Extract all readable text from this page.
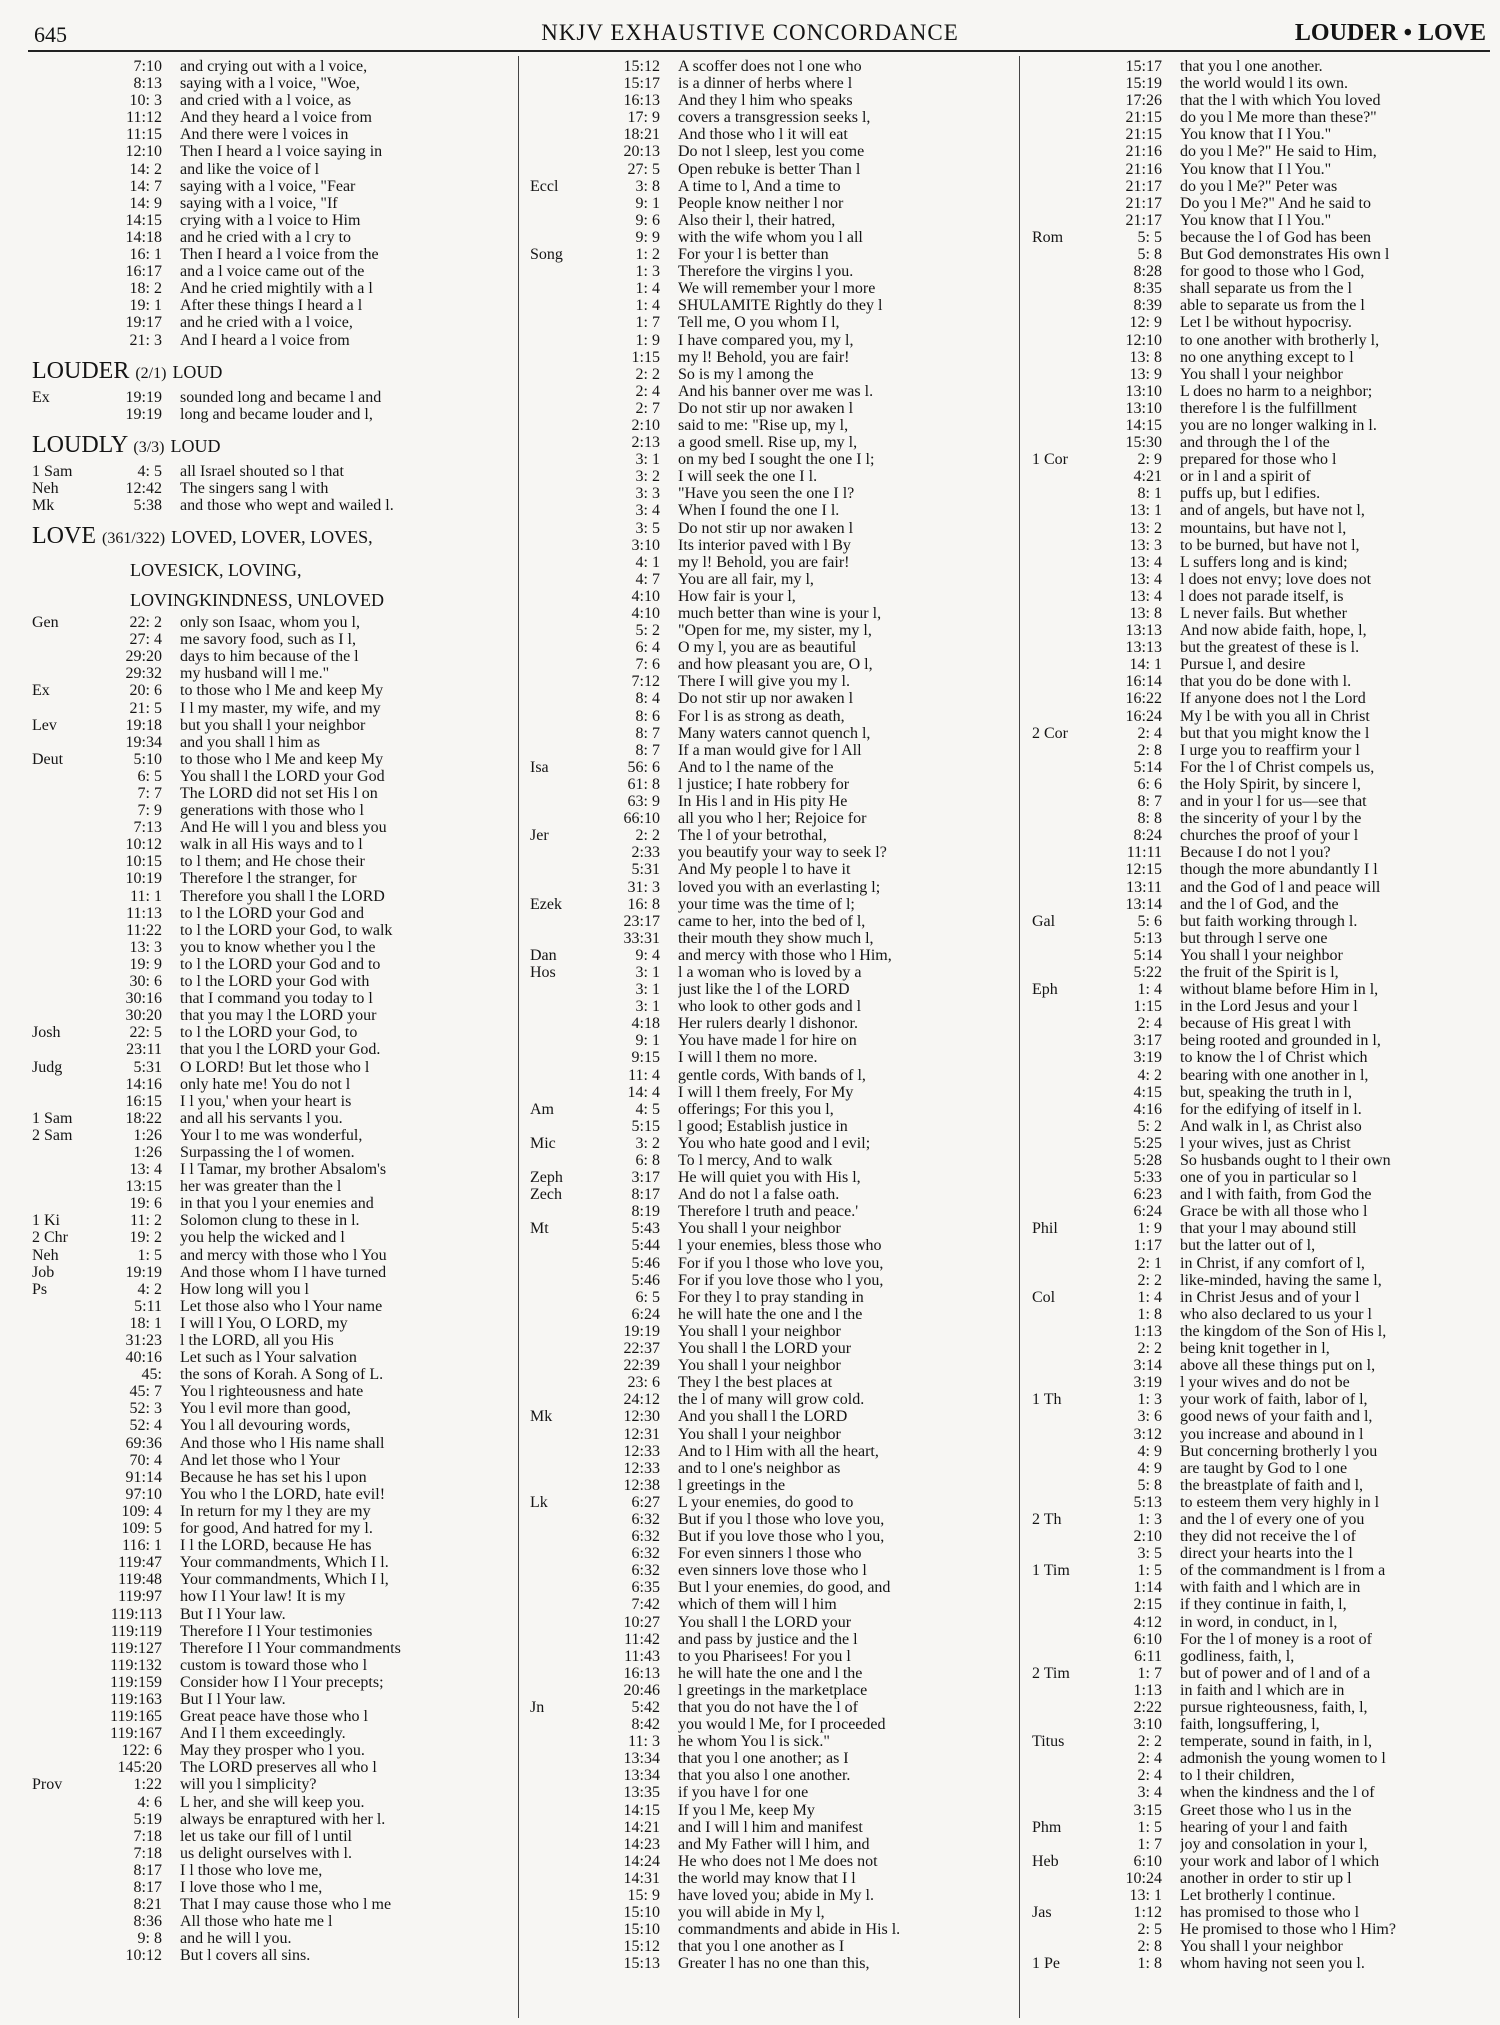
645	NKJV EXHAUSTIVE CONCORDANCE	LOUDER • LOVE
7:10	and crying out with a l voice,
8:13	saying with a l voice, "Woe,
10: 3	and cried with a l voice, as
11:12	And they heard a l voice from
11:15	And there were l voices in
12:10	Then I heard a l voice saying in
14: 2	and like the voice of l
14: 7	saying with a l voice, "Fear
14: 9	saying with a l voice, "If
14:15	crying with a l voice to Him
14:18	and he cried with a l cry to
16: 1	Then I heard a l voice from the
16:17	and a l voice came out of the
18: 2	And he cried mightily with a l
19: 1	After these things I heard a l
19:17	and he cried with a l voice,
21: 3	And I heard a l voice from
LOUDER (2/1) LOUD
Ex	19:19	sounded long and became l and
19:19	long and became louder and l,
LOUDLY (3/3) LOUD
1 Sam	4: 5	all Israel shouted so l that
Neh	12:42	The singers sang l with
Mk	5:38	and those who wept and wailed l.
LOVE (361/322) LOVED, LOVER, LOVES,
LOVESICK, LOVING,
LOVINGKINDNESS, UNLOVED
Gen	22: 2	only son Isaac, whom you l,
27: 4	me savory food, such as I l,
29:20	days to him because of the l
29:32	my husband will l me."
Ex	20: 6	to those who l Me and keep My
21: 5	I l my master, my wife, and my
Lev	19:18	but you shall l your neighbor
19:34	and you shall l him as
Deut	5:10	to those who l Me and keep My
6: 5	You shall l the LORD your God
7: 7	The LORD did not set His l on
7: 9	generations with those who l
7:13	And He will l you and bless you
10:12	walk in all His ways and to l
10:15	to l them; and He chose their
10:19	Therefore l the stranger, for
11: 1	Therefore you shall l the LORD
11:13	to l the LORD your God and
11:22	to l the LORD your God, to walk
13: 3	you to know whether you l the
19: 9	to l the LORD your God and to
30: 6	to l the LORD your God with
30:16	that I command you today to l
30:20	that you may l the LORD your
Josh	22: 5	to l the LORD your God, to
23:11	that you l the LORD your God.
Judg	5:31	O LORD! But let those who l
14:16	only hate me! You do not l
16:15	I l you,' when your heart is
1 Sam	18:22	and all his servants l you.
2 Sam	1:26	Your l to me was wonderful,
1:26	Surpassing the l of women.
13: 4	I l Tamar, my brother Absalom's
13:15	her was greater than the l
19: 6	in that you l your enemies and
1 Ki	11: 2	Solomon clung to these in l.
2 Chr	19: 2	you help the wicked and l
Neh	1: 5	and mercy with those who l You
Job	19:19	And those whom I l have turned
Ps	4: 2	How long will you l
5:11	Let those also who l Your name
18: 1	I will l You, O LORD, my
31:23	l the LORD, all you His
40:16	Let such as l Your salvation
45:	the sons of Korah. A Song of L.
45: 7	You l righteousness and hate
52: 3	You l evil more than good,
52: 4	You l all devouring words,
69:36	And those who l His name shall
70: 4	And let those who l Your
91:14	Because he has set his l upon
97:10	You who l the LORD, hate evil!
109: 4	In return for my l they are my
109: 5	for good, And hatred for my l.
116: 1	I l the LORD, because He has
119:47	Your commandments, Which I l.
119:48	Your commandments, Which I l,
119:97	how I l Your law! It is my
119:113	But I l Your law.
119:119	Therefore I l Your testimonies
119:127	Therefore I l Your commandments
119:132	custom is toward those who l
119:159	Consider how I l Your precepts;
119:163	But I l Your law.
119:165	Great peace have those who l
119:167	And I l them exceedingly.
122: 6	May they prosper who l you.
145:20	The LORD preserves all who l
Prov	1:22	will you l simplicity?
4: 6	L her, and she will keep you.
5:19	always be enraptured with her l.
7:18	let us take our fill of l until
7:18	us delight ourselves with l.
8:17	I l those who love me,
8:17	I love those who l me,
8:21	That I may cause those who l me
8:36	All those who hate me l
9: 8	and he will l you.
10:12	But l covers all sins.
15:12	A scoffer does not l one who
15:17	is a dinner of herbs where l
16:13	And they l him who speaks
17: 9	covers a transgression seeks l,
18:21	And those who l it will eat
20:13	Do not l sleep, lest you come
27: 5	Open rebuke is better Than l
Eccl	3: 8	A time to l, And a time to
9: 1	People know neither l nor
9: 6	Also their l, their hatred,
9: 9	with the wife whom you l all
Song	1: 2	For your l is better than
1: 3	Therefore the virgins l you.
1: 4	We will remember your l more
1: 4	SHULAMITE Rightly do they l
1: 7	Tell me, O you whom I l,
1: 9	I have compared you, my l,
1:15	my l! Behold, you are fair!
2: 2	So is my l among the
2: 4	And his banner over me was l.
2: 7	Do not stir up nor awaken l
2:10	said to me: "Rise up, my l,
2:13	a good smell. Rise up, my l,
3: 1	on my bed I sought the one I l;
3: 2	I will seek the one I l.
3: 3	"Have you seen the one I l?
3: 4	When I found the one I l.
3: 5	Do not stir up nor awaken l
3:10	Its interior paved with l By
4: 1	my l! Behold, you are fair!
4: 7	You are all fair, my l,
4:10	How fair is your l,
4:10	much better than wine is your l,
5: 2	"Open for me, my sister, my l,
6: 4	O my l, you are as beautiful
7: 6	and how pleasant you are, O l,
7:12	There I will give you my l.
8: 4	Do not stir up nor awaken l
8: 6	For l is as strong as death,
8: 7	Many waters cannot quench l,
8: 7	If a man would give for l All
Isa	56: 6	And to l the name of the
61: 8	l justice; I hate robbery for
63: 9	In His l and in His pity He
66:10	all you who l her; Rejoice for
Jer	2: 2	The l of your betrothal,
2:33	you beautify your way to seek l?
5:31	And My people l to have it
31: 3	loved you with an everlasting l;
Ezek	16: 8	your time was the time of l;
23:17	came to her, into the bed of l,
33:31	their mouth they show much l,
Dan	9: 4	and mercy with those who l Him,
Hos	3: 1	l a woman who is loved by a
3: 1	just like the l of the LORD
3: 1	who look to other gods and l
4:18	Her rulers dearly l dishonor.
9: 1	You have made l for hire on
9:15	I will l them no more.
11: 4	gentle cords, With bands of l,
14: 4	I will l them freely, For My
Am	4: 5	offerings; For this you l,
5:15	l good; Establish justice in
Mic	3: 2	You who hate good and l evil;
6: 8	To l mercy, And to walk
Zeph	3:17	He will quiet you with His l,
Zech	8:17	And do not l a false oath.
8:19	Therefore l truth and peace.'
Mt	5:43	You shall l your neighbor
5:44	l your enemies, bless those who
5:46	For if you l those who love you,
5:46	For if you love those who l you,
6: 5	For they l to pray standing in
6:24	he will hate the one and l the
19:19	You shall l your neighbor
22:37	You shall l the LORD your
22:39	You shall l your neighbor
23: 6	They l the best places at
24:12	the l of many will grow cold.
Mk	12:30	And you shall l the LORD
12:31	You shall l your neighbor
12:33	And to l Him with all the heart,
12:33	and to l one's neighbor as
12:38	l greetings in the
Lk	6:27	L your enemies, do good to
6:32	But if you l those who love you,
6:32	But if you love those who l you,
6:32	For even sinners l those who
6:32	even sinners love those who l
6:35	But l your enemies, do good, and
7:42	which of them will l him
10:27	You shall l the LORD your
11:42	and pass by justice and the l
11:43	to you Pharisees! For you l
16:13	he will hate the one and l the
20:46	l greetings in the marketplace
Jn	5:42	that you do not have the l of
8:42	you would l Me, for I proceeded
11: 3	he whom You l is sick."
13:34	that you l one another; as I
13:34	that you also l one another.
13:35	if you have l for one
14:15	If you l Me, keep My
14:21	and I will l him and manifest
14:23	and My Father will l him, and
14:24	He who does not l Me does not
14:31	the world may know that I l
15: 9	have loved you; abide in My l.
15:10	you will abide in My l,
15:10	commandments and abide in His l.
15:12	that you l one another as I
15:13	Greater l has no one than this,
15:17	that you l one another.
15:19	the world would l its own.
17:26	that the l with which You loved
21:15	do you l Me more than these?"
21:15	You know that I l You."
21:16	do you l Me?" He said to Him,
21:16	You know that I l You."
21:17	do you l Me?" Peter was
21:17	Do you l Me?" And he said to
21:17	You know that I l You."
Rom	5: 5	because the l of God has been
5: 8	But God demonstrates His own l
8:28	for good to those who l God,
8:35	shall separate us from the l
8:39	able to separate us from the l
12: 9	Let l be without hypocrisy.
12:10	to one another with brotherly l,
13: 8	no one anything except to l
13: 9	You shall l your neighbor
13:10	L does no harm to a neighbor;
13:10	therefore l is the fulfillment
14:15	you are no longer walking in l.
15:30	and through the l of the
1 Cor	2: 9	prepared for those who l
4:21	or in l and a spirit of
8: 1	puffs up, but l edifies.
13: 1	and of angels, but have not l,
13: 2	mountains, but have not l,
13: 3	to be burned, but have not l,
13: 4	L suffers long and is kind;
13: 4	l does not envy; love does not
13: 4	l does not parade itself, is
13: 8	L never fails. But whether
13:13	And now abide faith, hope, l,
13:13	but the greatest of these is l.
14: 1	Pursue l, and desire
16:14	that you do be done with l.
16:22	If anyone does not l the Lord
16:24	My l be with you all in Christ
2 Cor	2: 4	but that you might know the l
2: 8	I urge you to reaffirm your l
5:14	For the l of Christ compels us,
6: 6	the Holy Spirit, by sincere l,
8: 7	and in your l for us—see that
8: 8	the sincerity of your l by the
8:24	churches the proof of your l
11:11	Because I do not l you?
12:15	though the more abundantly I l
13:11	and the God of l and peace will
13:14	and the l of God, and the
Gal	5: 6	but faith working through l.
5:13	but through l serve one
5:14	You shall l your neighbor
5:22	the fruit of the Spirit is l,
Eph	1: 4	without blame before Him in l,
1:15	in the Lord Jesus and your l
2: 4	because of His great l with
3:17	being rooted and grounded in l,
3:19	to know the l of Christ which
4: 2	bearing with one another in l,
4:15	but, speaking the truth in l,
4:16	for the edifying of itself in l.
5: 2	And walk in l, as Christ also
5:25	l your wives, just as Christ
5:28	So husbands ought to l their own
5:33	one of you in particular so l
6:23	and l with faith, from God the
6:24	Grace be with all those who l
Phil	1: 9	that your l may abound still
1:17	but the latter out of l,
2: 1	in Christ, if any comfort of l,
2: 2	like-minded, having the same l,
Col	1: 4	in Christ Jesus and of your l
1: 8	who also declared to us your l
1:13	the kingdom of the Son of His l,
2: 2	being knit together in l,
3:14	above all these things put on l,
3:19	l your wives and do not be
1 Th	1: 3	your work of faith, labor of l,
3: 6	good news of your faith and l,
3:12	you increase and abound in l
4: 9	But concerning brotherly l you
4: 9	are taught by God to l one
5: 8	the breastplate of faith and l,
5:13	to esteem them very highly in l
2 Th	1: 3	and the l of every one of you
2:10	they did not receive the l of
3: 5	direct your hearts into the l
1 Tim	1: 5	of the commandment is l from a
1:14	with faith and l which are in
2:15	if they continue in faith, l,
4:12	in word, in conduct, in l,
6:10	For the l of money is a root of
6:11	godliness, faith, l,
2 Tim	1: 7	but of power and of l and of a
1:13	in faith and l which are in
2:22	pursue righteousness, faith, l,
3:10	faith, longsuffering, l,
Titus	2: 2	temperate, sound in faith, in l,
2: 4	admonish the young women to l
2: 4	to l their children,
3: 4	when the kindness and the l of
3:15	Greet those who l us in the
Phm	1: 5	hearing of your l and faith
1: 7	joy and consolation in your l,
Heb	6:10	your work and labor of l which
10:24	another in order to stir up l
13: 1	Let brotherly l continue.
Jas	1:12	has promised to those who l
2: 5	He promised to those who l Him?
2: 8	You shall l your neighbor
1 Pe	1: 8	whom having not seen you l.
